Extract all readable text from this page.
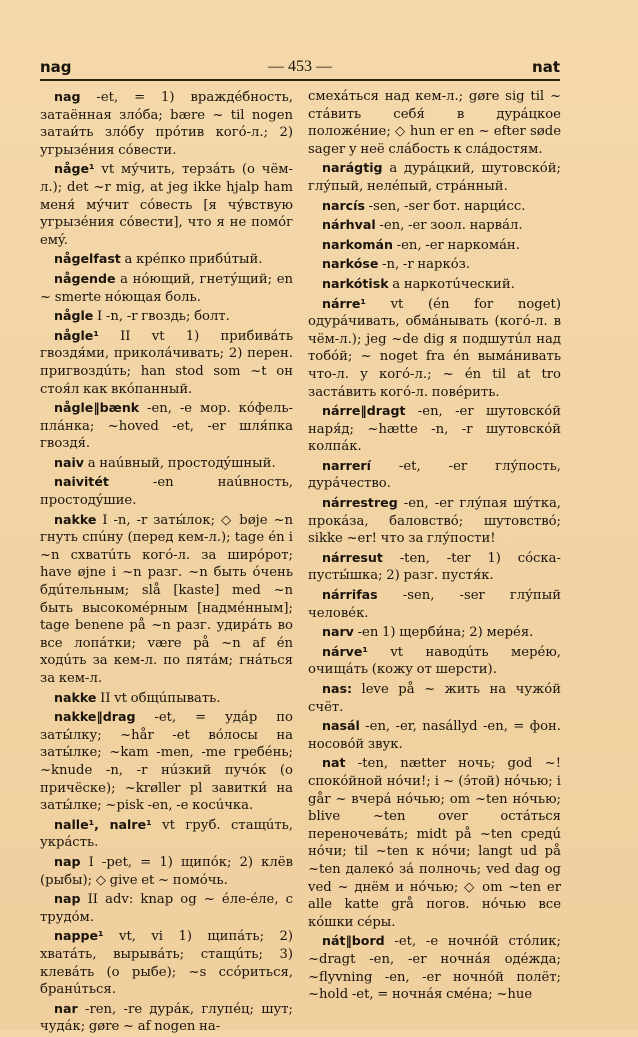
nag	— 453 —	nat

nag -et, = 1) враждéбность, затаённая злóба; bære ~ til nogen затаи́ть злóбу прóтив когó-л.; 2) угрызéния сóвести.

någe¹ vt му́чить, терзáть (о чём-л.); det ~r mig, at jeg ikke hjalp ham меня́ му́чит сóвесть [я чу́вствую угрызéния сóвести], что я не помóг емý.

någelfast a крéпко прибúтый.

någende a нóющий, гнетýщий; en ~ smerte нóющая боль.

någle I -n, -r гвоздь; болт.

någle¹ II vt 1) прибивáть гвоздя́ми, приколáчивать; 2) перен. пригвоздúть; han stod som ~t он стоя́л как вкóпанный.

någle‖bænk -en, -e мор. кóфель-плáнка; ~hoved -et, -er шля́пка гвоздя́.

naiv a наúвный, простодýшный.

naivitét -en наúвность, простодýшие.

nakke I -n, -r заты́лок; ◇ bøje ~n гнуть спúну (перед кем-л.); tage én i ~n схватúть когó-л. за ширóрот; have øjne i ~n разг. ~n быть óчень бдúтельным; slå [kaste] med ~n быть высокомéрным [надмéнным]; tage benene på ~n разг. удирáть во все лопáтки; være på ~n af én ходúть за кем-л. по пятáм; гнáться за кем-л.

nakke II vt общúпывать.

nakke‖drag -et, = удáр по заты́лку; ~hår -et вóлосы на заты́лке; ~kam -men, -me гребéнь; ~knude -n, -r нúзкий пучóк (о причёске); ~krøller pl завитки́ на заты́лке; ~pisk -en, -e косúчка.

nalle¹, nalre¹ vt груб. стащúть, укрáсть.

nap I -pet, = 1) щипóк; 2) клёв (рыбы); ◇ give et ~ помóчь.

nap II adv: knap og ~ éле-éле, с трудóм.

nappe¹ vt, vi 1) щипáть; 2) хватáть, вырывáть; стащúть; 3) клевáть (о рыбе); ~s ссóриться, бранúться.

nar -ren, -re дурáк, глупéц; шут; чудáк; gøre ~ af nogen на-

смехáться над кем-л.; gøre sig til ~ стáвить себя́ в дурáцкое положéние; ◇ hun er en ~ efter søde sager у неё слáбость к слáдостям.

narágtig a дурáцкий, шутовскóй; глу́пый, нелéпый, стрáнный.

narcís -sen, -ser бот. нарци́сс.

nárhval -en, -er зоол. нарвáл.

narkomán -en, -er наркомáн.

narkóse -n, -r наркóз.

narkótisk a наркотúческий.

nárre¹ vt (én for noget) одурáчивать, обмáнывать (когó-л. в чём-л.); jeg ~de dig я подшутúл над тобóй; ~ noget fra én выма́нивать что-л. у когó-л.; ~ én til at tro застáвить когó-л. повéрить.

nárre‖dragt -en, -er шутовскóй наря́д; ~hætte -n, -r шутовскóй колпáк.

narrerí -et, -er глу́пость, дурáчество.

nárrestreg -en, -er глу́пая шу́тка, прокáза, баловствó; шутовствó; sikke ~er! что за глу́пости!

nárresut -ten, -ter 1) сóска-пусты́шка; 2) разг. пустя́к.

nárrifas -sen, -ser глу́пый человéк.

narv -en 1) щерби́на; 2) мерéя.

nárve¹ vt наводúть мерéю, очищáть (кожу от шерсти).

nas: leve på ~ жить на чужóй счёт.

nasál -en, -er, nasállyd -en, = фон. носовóй звук.

nat -ten, nætter ночь; god ~! спокóйной нóчи!; i ~ (э́той) нóчью; i går ~ вчерá нóчью; om ~ten нóчью; blive ~ten over остáться переночевáть; midt på ~ten средú нóчи; til ~ten к нóчи; langt ud på ~ten далекó зá полночь; ved dag og ved ~ днём и нóчью; ◇ om ~ten er alle katte grå погов. нóчью все кóшки сéры.

nát‖bord -et, -e ночнóй стóлик; ~dragt -en, -er ночнáя одéжда; ~flyvning -en, -er ночнóй полёт; ~hold -et, = ночнáя смéна; ~hue
